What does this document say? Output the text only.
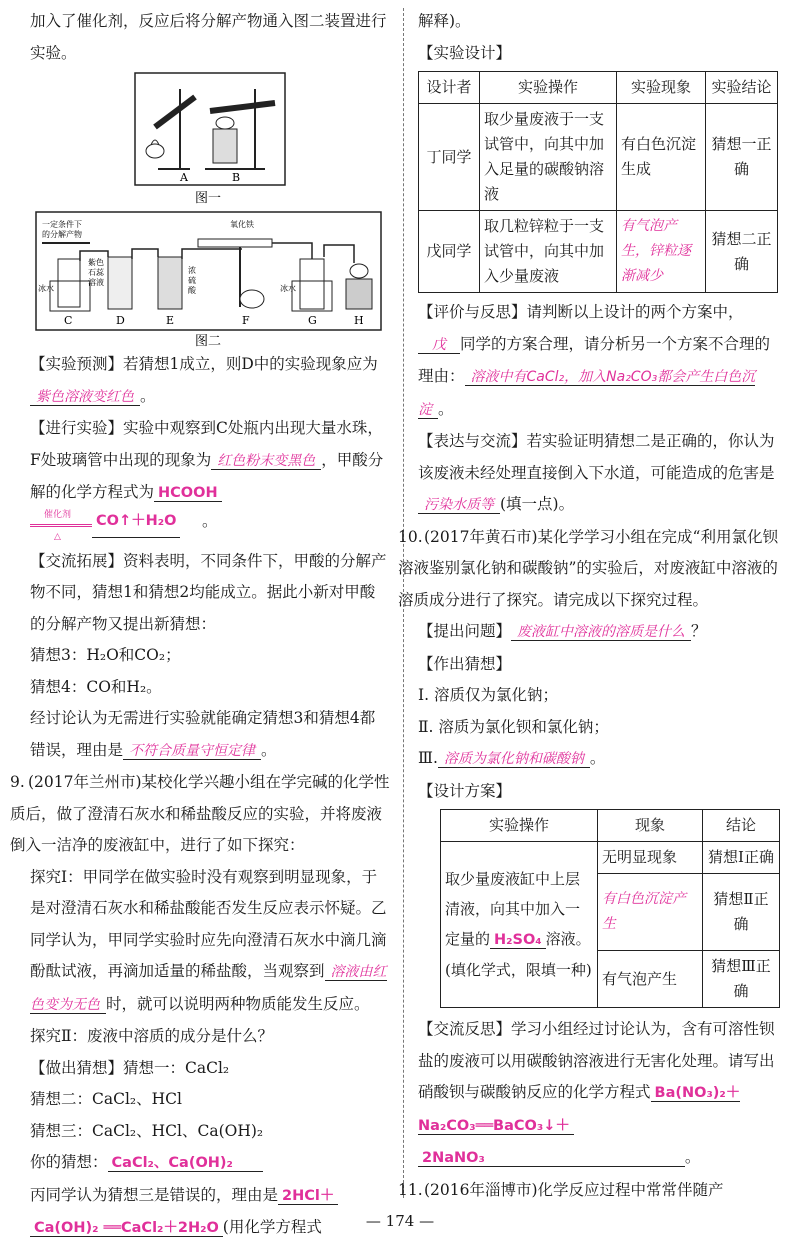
加入了催化剂，反应后将分解产物通入图二装置进行实验。

A	B
图一
一定条件下
的分解产物
冰水
紫色
石蕊
溶液
浓
硫
酸
氧化铁
冰水
C	D	E	F	G	H
图二

【实验预测】若猜想1成立，则D中的实验现象应为紫色溶液变红色 。

【进行实验】实验中观察到C处瓶内出现大量水珠，F处玻璃管中出现的现象为 红色粉末变黑色 ，甲酸分解的化学方程式为 HCOOH

催化剂
△
CO↑＋H₂O 。

【交流拓展】资料表明，不同条件下，甲酸的分解产物不同，猜想1和猜想2均能成立。据此小新对甲酸的分解产物又提出新猜想：

猜想3：H₂O和CO₂；

猜想4：CO和H₂。

经讨论认为无需进行实验就能确定猜想3和猜想4都错误，理由是 不符合质量守恒定律 。

9. (2017年兰州市)某校化学兴趣小组在学完碱的化学性质后，做了澄清石灰水和稀盐酸反应的实验，并将废液倒入一洁净的废液缸中，进行了如下探究：

探究Ⅰ：甲同学在做实验时没有观察到明显现象，于是对澄清石灰水和稀盐酸能否发生反应表示怀疑。乙同学认为，甲同学实验时应先向澄清石灰水中滴几滴酚酞试液，再滴加适量的稀盐酸，当观察到 溶液由红色变为无色 时，就可以说明两种物质能发生反应。

探究Ⅱ：废液中溶质的成分是什么？

【做出猜想】猜想一：CaCl₂

猜想二：CaCl₂、HCl

猜想三：CaCl₂、HCl、Ca(OH)₂

你的猜想： CaCl₂、Ca(OH)₂

丙同学认为猜想三是错误的，理由是 2HCl＋

Ca(OH)₂ ══CaCl₂＋2H₂O (用化学方程式

解释)。

【实验设计】

设计者	实验操作	实验现象	实验结论
丁同学	取少量废液于一支试管中，向其中加入足量的碳酸钠溶液	有白色沉淀生成	猜想一正确
戊同学	取几粒锌粒于一支试管中，向其中加入少量废液	有气泡产生，锌粒逐渐减少	猜想二正确

【评价与反思】请判断以上设计的两个方案中，戊 同学的方案合理，请分析另一个方案不合理的理由： 溶液中有CaCl₂，加入Na₂CO₃都会产生白色沉淀 。

【表达与交流】若实验证明猜想二是正确的，你认为该废液未经处理直接倒入下水道，可能造成的危害是污染水质等 (填一点)。

10.(2017年黄石市)某化学学习小组在完成“利用氯化钡溶液鉴别氯化钠和碳酸钠”的实验后，对废液缸中溶液的溶质成分进行了探究。请完成以下探究过程。

【提出问题】 废液缸中溶液的溶质是什么 ？

【作出猜想】

Ⅰ. 溶质仅为氯化钠；

Ⅱ. 溶质为氯化钡和氯化钠；

Ⅲ. 溶质为氯化钠和碳酸钠 。

【设计方案】

实验操作	现象	结论
取少量废液缸中上层清液，向其中加入一定量的 H₂SO₄ 溶液。(填化学式，限填一种)	无明显现象	猜想Ⅰ正确
	有白色沉淀产生	猜想Ⅱ正确
	有气泡产生	猜想Ⅲ正确

【交流反思】学习小组经过讨论认为，含有可溶性钡盐的废液可以用碳酸钠溶液进行无害化处理。请写出硝酸钡与碳酸钠反应的化学方程式 Ba(NO₃)₂＋Na₂CO₃══BaCO₃↓＋

2NaNO₃	。

11.(2016年淄博市)化学反应过程中常常伴随产

— 174 —
